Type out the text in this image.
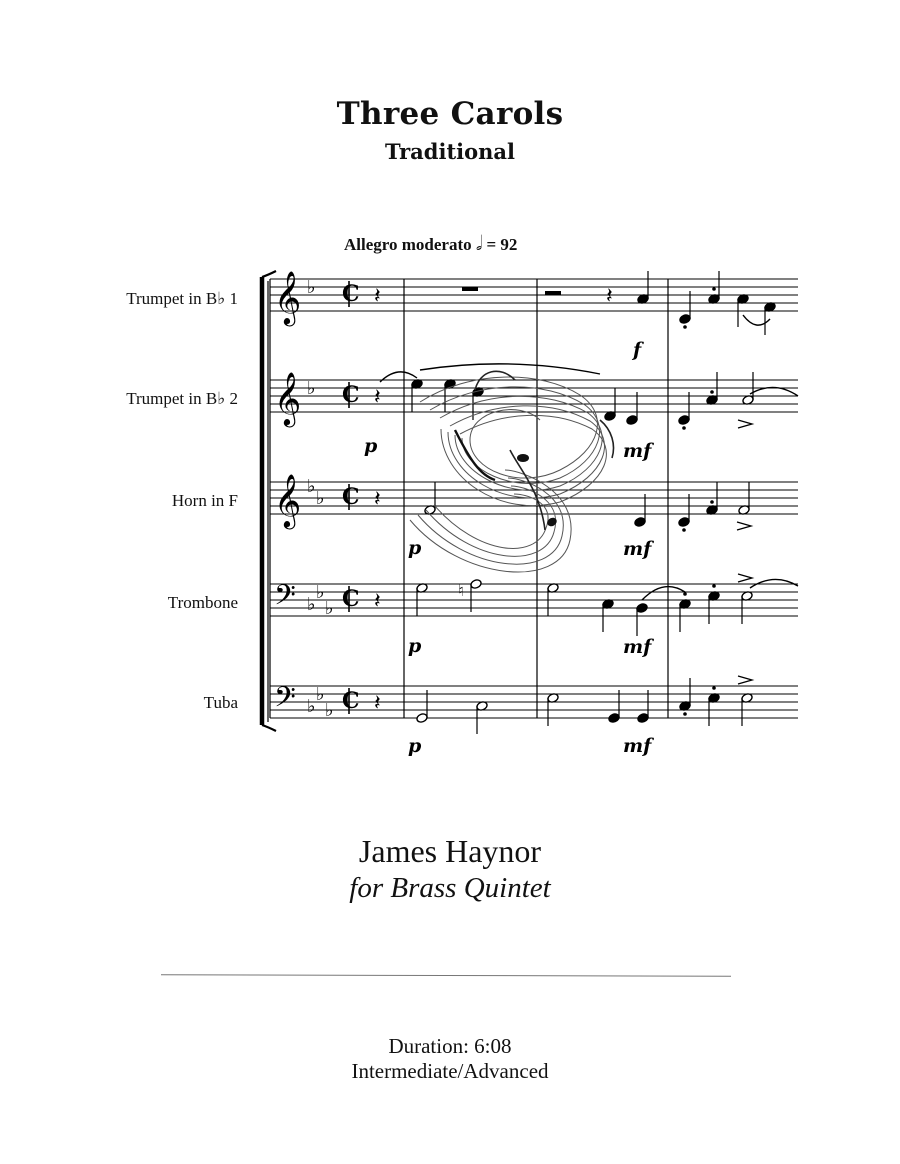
Three Carols
Traditional
Allegro moderato 𝅗𝅥 = 92
Trumpet in B♭ 1
Trumpet in B♭ 2
Horn in F
Trombone
Tuba
𝄞 ♭ C 𝄽
𝄞 ♭ C 𝄽
𝄞 ♭
♭ C 𝄽
𝄢 ♭
♭
♭ C 𝄽
𝄢 ♭
♭
♭ C 𝄽
𝄽
f
p	mf
p	mf
♮
p	mf
p	mf
James Haynor
for Brass Quintet
Duration: 6:08
Intermediate/Advanced
